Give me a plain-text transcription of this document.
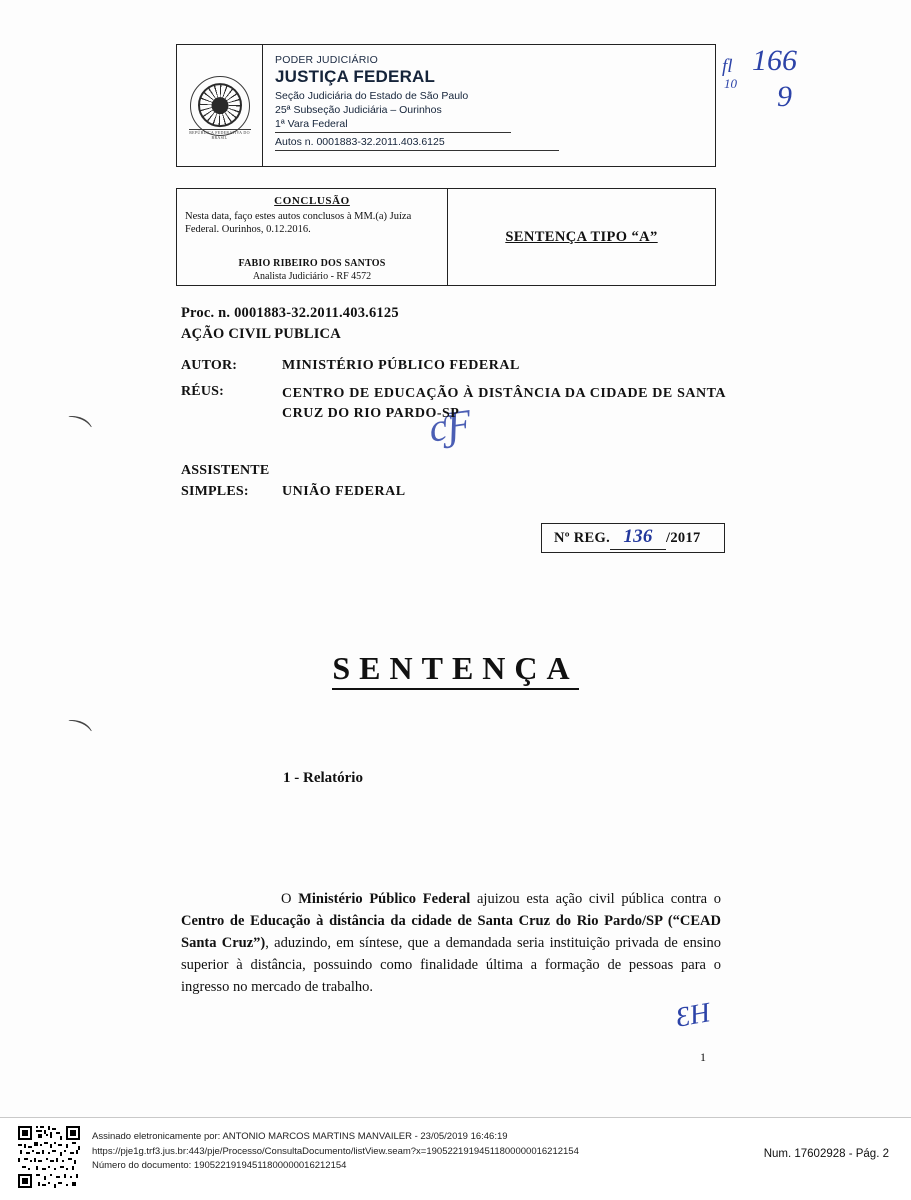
REPÚBLICA FEDERATIVA DO BRASIL
PODER JUDICIÁRIO
JUSTIÇA FEDERAL
Seção Judiciária do Estado de São Paulo
25ª Subseção Judiciária – Ourinhos
1ª Vara Federal
Autos n. 0001883-32.2011.403.6125
fl
10
166
9
CONCLUSÃO
Nesta data, faço estes autos conclusos à MM.(a) Juíza Federal. Ourinhos, 0.12.2016.
ƈƑ
FABIO RIBEIRO DOS SANTOS
Analista Judiciário - RF 4572
SENTENÇA TIPO “A”
Proc. n. 0001883-32.2011.403.6125
AÇÃO CIVIL PUBLICA
AUTOR:	MINISTÉRIO PÚBLICO FEDERAL
RÉUS:	CENTRO DE EDUCAÇÃO À DISTÂNCIA DA CIDADE DE SANTA CRUZ DO RIO PARDO-SP
ASSISTENTE
SIMPLES:	UNIÃO FEDERAL

Nº REG. 136 /2017

SENTENÇA
1 - Relatório

O Ministério Público Federal ajuizou esta ação civil pública contra o Centro de Educação à distância da cidade de Santa Cruz do Rio Pardo/SP (“CEAD Santa Cruz”), aduzindo, em síntese, que a demandada seria instituição privada de ensino superior à distância, possuindo como finalidade última a formação de pessoas para o ingresso no mercado de trabalho.

ƐH
⌒
⌒
1
Assinado eletronicamente por: ANTONIO MARCOS MARTINS MANVAILER - 23/05/2019 16:46:19
https://pje1g.trf3.jus.br:443/pje/Processo/ConsultaDocumento/listView.seam?x=19052219194511800000016212154
Número do documento: 19052219194511800000016212154
Num. 17602928 - Pág. 2
